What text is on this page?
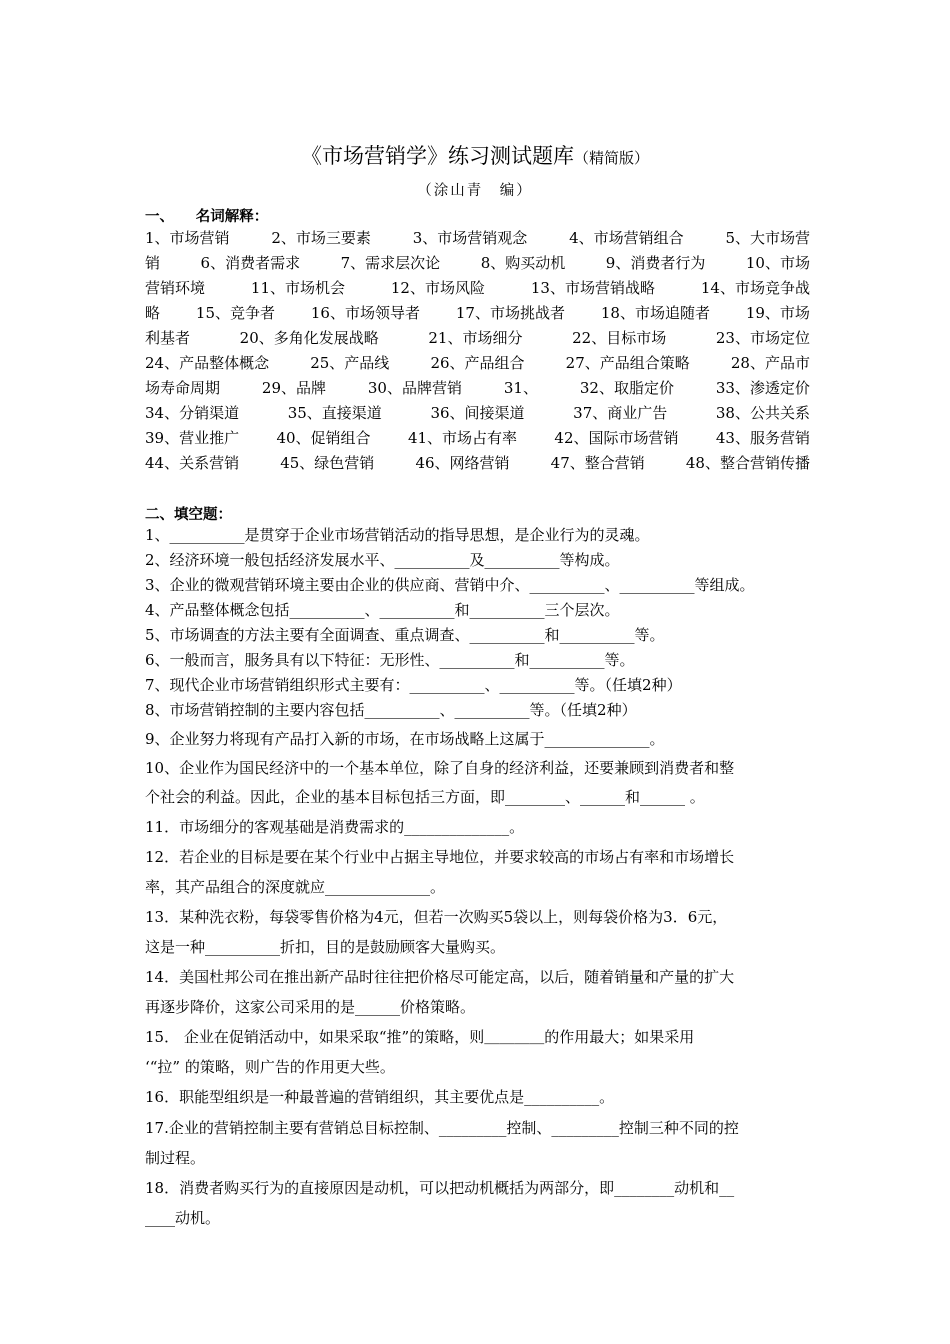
《市场营销学》练习测试题库（精简版）
（涂山青　编）
一、　　名词解释：
1、市场营销	2、市场三要素	3、市场营销观念	4、市场营销组合	5、大市场营
销	6、消费者需求	7、需求层次论	8、购买动机	9、消费者行为	10、市场
营销环境	11、市场机会	12、市场风险	13、市场营销战略	14、市场竞争战
略 15、竞争者 16、市场领导者 17、市场挑战者 18、市场追随者 19、市场
利基者	20、多角化发展战略	21、市场细分	22、目标市场	23、市场定位
24、产品整体概念	25、产品线	26、产品组合	27、产品组合策略	28、产品市
场寿命周期	29、品牌	30、品牌营销	31、	32、取脂定价	33、渗透定价
34、分销渠道	35、直接渠道	36、间接渠道	37、商业广告	38、公共关系
39、营业推广 40、促销组合 41、市场占有率 42、国际市场营销 43、服务营销
44、关系营销	45、绿色营销	46、网络营销	47、整合营销	48、整合营销传播
二、填空题：
1、__________是贯穿于企业市场营销活动的指导思想，是企业行为的灵魂。
2、经济环境一般包括经济发展水平、__________及__________等构成。
3、企业的微观营销环境主要由企业的供应商、营销中介、__________、__________等组成。
4、产品整体概念包括__________、__________和__________三个层次。
5、市场调查的方法主要有全面调查、重点调查、__________和__________等。
6、一般而言，服务具有以下特征：无形性、__________和__________等。
7、现代企业市场营销组织形式主要有：__________、__________等。（任填2种）
8、市场营销控制的主要内容包括__________、__________等。（任填2种）
9、企业努力将现有产品打入新的市场，在市场战略上这属于______________。
10、企业作为国民经济中的一个基本单位，除了自身的经济利益，还要兼顾到消费者和整
个社会的利益。因此，企业的基本目标包括三方面，即________、______和______ 。
11．市场细分的客观基础是消费需求的______________。
12．若企业的目标是要在某个行业中占据主导地位，并要求较高的市场占有率和市场增长
率，其产品组合的深度就应______________。
13．某种洗衣粉，每袋零售价格为4元，但若一次购买5袋以上，则每袋价格为3．6元，
这是一种__________折扣，目的是鼓励顾客大量购买。
14．美国杜邦公司在推出新产品时往往把价格尽可能定高，以后，随着销量和产量的扩大
再逐步降价，这家公司采用的是______价格策略。
15． 企业在促销活动中，如果采取“推”的策略，则＿＿＿＿的作用最大；如果采用
‘“拉” 的策略，则广告的作用更大些。
16．职能型组织是一种最普遍的营销组织，其主要优点是__________。
17.企业的营销控制主要有营销总目标控制、_________控制、_________控制三种不同的控
制过程。
18．消费者购买行为的直接原因是动机，可以把动机概括为两部分，即________动机和__
____动机。
